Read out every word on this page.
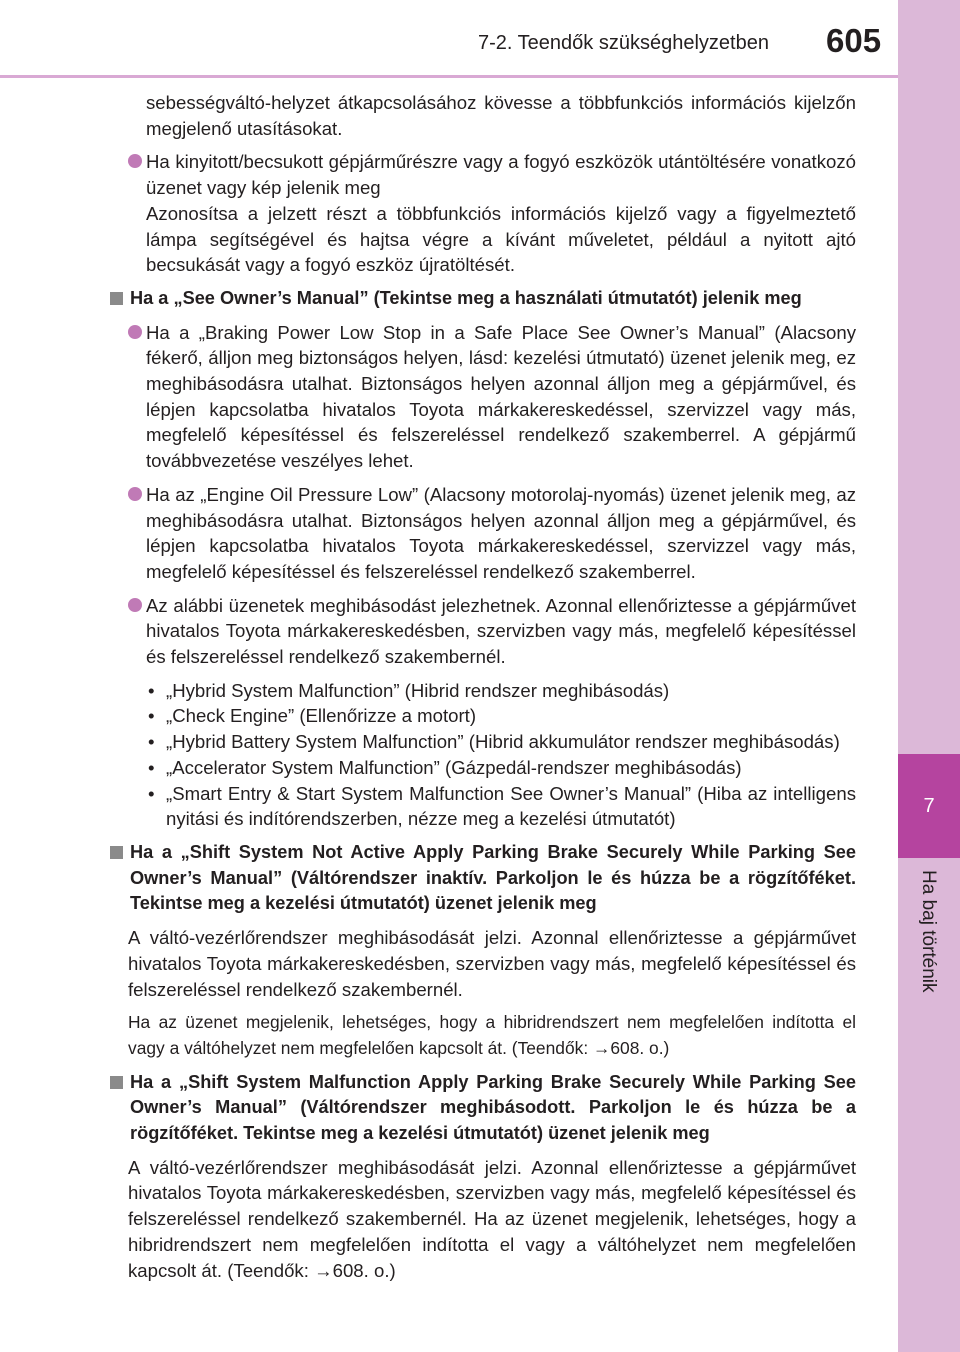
7-2. Teendők szükséghelyzetben 605
7
Ha baj történik

sebességváltó-helyzet átkapcsolásához kövesse a többfunkciós információs kijelzőn megjelenő utasításokat.

Ha kinyitott/becsukott gépjárműrészre vagy a fogyó eszközök utántöltésére vonatkozó üzenet vagy kép jelenik meg
Azonosítsa a jelzett részt a többfunkciós információs kijelző vagy a figyelmeztető lámpa segítségével és hajtsa végre a kívánt műveletet, például a nyitott ajtó becsukását vagy a fogyó eszköz újratöltését.
Ha a „See Owner’s Manual” (Tekintse meg a használati útmutatót) jelenik meg
Ha a „Braking Power Low Stop in a Safe Place See Owner’s Manual” (Alacsony fékerő, álljon meg biztonságos helyen, lásd: kezelési útmutató) üzenet jelenik meg, ez meghibásodásra utalhat. Biztonságos helyen azonnal álljon meg a gépjárművel, és lépjen kapcsolatba hivatalos Toyota márkakereskedéssel, szervizzel vagy más, megfelelő képesítéssel és felszereléssel rendelkező szakemberrel. A gépjármű továbbvezetése veszélyes lehet.
Ha az „Engine Oil Pressure Low” (Alacsony motorolaj-nyomás) üzenet jelenik meg, az meghibásodásra utalhat. Biztonságos helyen azonnal álljon meg a gépjárművel, és lépjen kapcsolatba hivatalos Toyota márkakereskedéssel, szervizzel vagy más, megfelelő képesítéssel és felszereléssel rendelkező szakemberrel.
Az alábbi üzenetek meghibásodást jelezhetnek. Azonnal ellenőriztesse a gépjárművet hivatalos Toyota márkakereskedésben, szervizben vagy más, megfelelő képesítéssel és felszereléssel rendelkező szakembernél.

• „Hybrid System Malfunction” (Hibrid rendszer meghibásodás)

• „Check Engine” (Ellenőrizze a motort)

• „Hybrid Battery System Malfunction” (Hibrid akkumulátor rendszer meghibásodás)

• „Accelerator System Malfunction” (Gázpedál-rendszer meghibásodás)

• „Smart Entry & Start System Malfunction See Owner’s Manual” (Hiba az intelligens nyitási és indítórendszerben, nézze meg a kezelési útmutatót)

Ha a „Shift System Not Active Apply Parking Brake Securely While Parking See Owner’s Manual” (Váltórendszer inaktív. Parkoljon le és húzza be a rögzítőféket. Tekintse meg a kezelési útmutatót) üzenet jelenik meg

A váltó-vezérlőrendszer meghibásodását jelzi. Azonnal ellenőriztesse a gépjárművet hivatalos Toyota márkakereskedésben, szervizben vagy más, megfelelő képesítéssel és felszereléssel rendelkező szakembernél.

Ha az üzenet megjelenik, lehetséges, hogy a hibridrendszert nem megfelelően indította el vagy a váltóhelyzet nem megfelelően kapcsolt át. (Teendők: →608. o.)

Ha a „Shift System Malfunction Apply Parking Brake Securely While Parking See Owner’s Manual” (Váltórendszer meghibásodott. Parkoljon le és húzza be a rögzítőféket. Tekintse meg a kezelési útmutatót) üzenet jelenik meg

A váltó-vezérlőrendszer meghibásodását jelzi. Azonnal ellenőriztesse a gépjárművet hivatalos Toyota márkakereskedésben, szervizben vagy más, megfelelő képesítéssel és felszereléssel rendelkező szakembernél. Ha az üzenet megjelenik, lehetséges, hogy a hibridrendszert nem megfelelően indította el vagy a váltóhelyzet nem megfelelően kapcsolt át. (Teendők: →608. o.)
